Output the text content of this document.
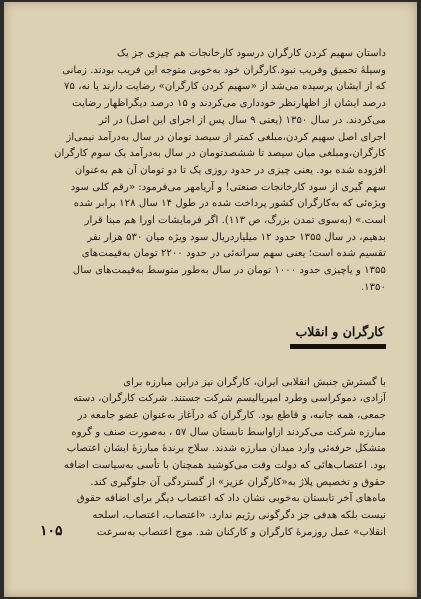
داستان سهیم کردن کارگران درسود کارخانجات هم چیزی جز یک

وسیلهٔ تحمیق وفریب نبود.کارگران خود به‌خوبی متوجه این فریب بودند. زمانی

که از ایشان پرسیده می‌شد از «سهیم کردن کارگران» رضایت دارند یا نه، ۷۵

درصد ایشان از اظهارنظر خودداری می‌کردند و ۱۵ درصد دیگراظهار رضایت

می‌کردند. در سال ۱۳۵۰ (یعنی ۹ سال پس از اجرای این اصل) در اثر

اجرای اصل سهیم کردن،مبلغی کمتر از سیصد تومان در سال به‌درآمد نیمی‌از

کارگران،ومبلغی میان سیصد تا ششصدتومان در سال به‌درآمد یک سوم کارگران

افزوده شده بود. یعنی چیزی در حدود روزی یک تا دو تومان آن هم به‌عنوان

سهم گیری از سود کارخانجات صنعتی! و آریامهر می‌فرمود: «رقم کلی سود

ویژه‌ئی که به‌کارگران کشور پرداخت شده در طول ۱۴ سال ۱۲۸ برابر شده

است.» (به‌سوی تمدن بزرگ، ص ۱۱۳). اگر فرمایشات اورا هم مبنا قرار

بدهیم، در سال ۱۳۵۵ حدود ۱۲ میلیاردریال سود ویژه میان ۵۳۰ هزار نفر

تقسیم شده است؛ یعنی سهم سرانه‌ئی در حدود ۲۲۰۰ تومان به‌قیمت‌های

۱۳۵۵ و یاچیزی حدود ۱۰۰۰ تومان در سال به‌طور متوسط به‌قیمت‌های سال

۱۳۵۰.

کارگران و انقلاب

با گسترش جنبش انقلابی ایران، کارگران نیز دراین مبارزه برای

آزادی، دموکراسی وطرد امپریالیسم شرکت جستند. شرکت کارگران، دسته

جمعی، همه جانبه، و قاطع بود. کارگران که درآغاز به‌عنوان عضو جامعه در

مبارزه شرکت می‌کردند ازاواسط تابستان سال ۵۷ ، به‌صورت صنف و گروه

متشکل حرفه‌ئی وارد میدان مبارزه شدند. سلاح برندهٔ مبارزهٔ ایشان اعتصاب

بود. اعتصاب‌هائی که دولت وقت می‌کوشید همچنان با تأسی به‌سیاست اضافه

حقوق و تخصیص پلاژ به‌«کارگران عزیز» از گستردگی آن جلوگیری کند.

ماه‌های آخر تابستان به‌خوبی نشان داد که اعتصاب دیگر برای اضافه حقوق

نیست بلکه هدفی جز دگرگونی رژیم ندارد. «اعتصاب، اعتصاب، اسلحه

انقلاب» عمل روزمرهٔ کارگران و کارکنان شد. موج اعتصاب به‌سرعت

۱۰۵
